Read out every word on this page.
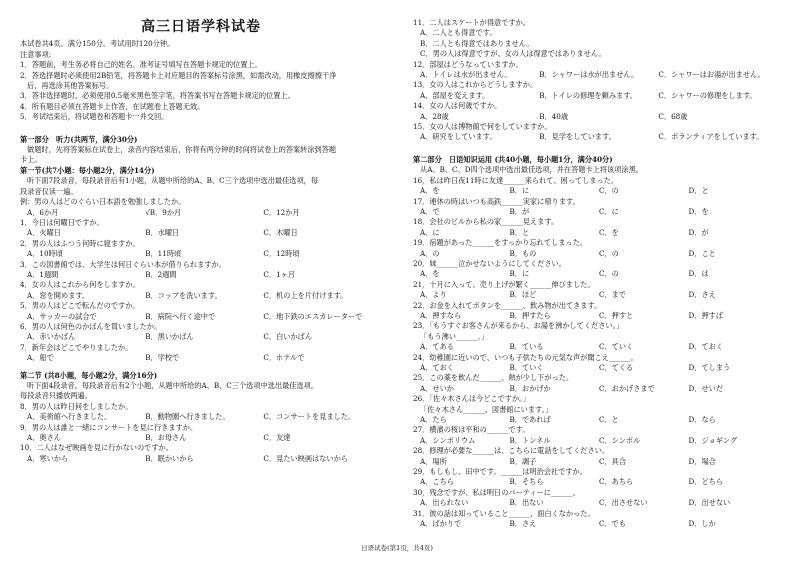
高三日语学科试卷
本试卷共4页。满分150分。考试用时120分钟。
注意事项:
1．答题前，考生务必将自己的姓名、准考证号填写在答题卡规定的位置上。
2．答选择题时必须使用2B铅笔，将答题卡上对应题目的答案标号涂黑，如需改动，用橡皮擦擦干净
后，再选涂其他答案标号。
3．答非选择题时，必须使用0.5毫米黑色签字笔，将答案书写在答题卡规定的位置上。
4．所有题目必须在答题卡上作答，在试题卷上答题无效。
5．考试结束后，将试题卷和答题卡一并交回。
第一部分　听力(共两节，满分30分)
做题时，先将答案标在试卷上，录音内容结束后，你将有两分钟的时间将试卷上的答案转涂到答题
卡上。
第一节(共7小题：每小题2分，满分14分)
听下面7段录音，每段录音后有1小题，从题中所给的A、B、C三个选项中选出最佳选项，每
段录音仅读一遍。
例：男の人はどのぐらい日本語を勉強しましたか。
A．6か月	√B．9か月	C．12か月
1．今日は何曜日ですか。
A．火曜日	B．水曜日	C．木曜日
2．男の人はふつう何時に寝ますか。
A．10時頃	B．11時頃	C．12時頃
3．この図書館では、大学生は何日ぐらい本が借りられますか。
A．1週間	B．2週間	C．1ヶ月
4．女の人はこれから何をしますか。
A．窓を開めます。	B．コップを洗います。	C．机の上を片付けます。
5．男の人はどこで転んだのですか。
A．サッカーの試合で	B．病院へ行く途中で	C．地下鉄のエスカレーターで
6．男の人は何色のかばんを買いましたか。
A．赤いかばん	B．黒いかばん	C．白いかばん
7．新年会はどこでやりましたか。
A．船で	B．学校で	C．ホテルで
第二节 (共8小题，每小题2分，满分16分)
听下面4段录音，每段录音后有2个小题，从题中所给的A、B、C三个选项中选出最佳选项。
每段录音只播放两遍。
8．男の人は昨日何をしましたか。
A．美術館へ行きました。	B．動物園へ行きました。	C．コンサートを見ました。
9．男の人は誰と一緒にコンサートを見に行きますか。
A．奥さん	B．お母さん	C．友達
10．二人はなぜ映画を見に行かないのですか。
A．寒いから	B．眠かいから	C．見たい映画はないから
11．二人はスケートが得意ですか。
A．二人とも得意です。
B．二人とも得意ではありません。
C．男の人は得意ですが、女の人は得意ではありません。
12．部屋はどうなっていますか。
A．トイレは水が出ません。	B．シャワーは水が出ません。	C．シャワーはお湯が出ません。
13．女の人はこれからどうしますか。
A．部屋を変えます。	B．トイレの修理を頼みます。	C．シャワーの修理をします。
14．女の人は何歳ですか。
A．28歳	B．40歳	C．68歳
15．女の人は博物館で何をしていますか。
A．研究をしています。	B．見学をしています。	C．ボランティアをしています。
第二部分　日语知识运用 (共40小题，每小题1分，满分40分)
从A、B、C、D四个选项中选出最佳选项，并在答题卡上将该项涂黑。
16．私は昨日夜11時に友達______来られて、困ってしまった。
A．を	B．に	C．の	D．と
17．連休の時はいつも高鉄______実家に帰ります。
A．で	B．が	C．に	D．を
18．会社のビルから私の家______見えます。
A．に	B．と	C．を	D．が
19．宿題があった______をすっかり忘れてしまった。
A．の	B．もの	C．の	D．こと
20．妹______泣かせないようにしてください。
A．を	B．に	C．の	D．は
21．十月に入って、売り上げが繁く______伸びました。
A．より	B．ほど	C．まで	D．さえ
22．お金を入れてボタンを______、飲み物が出てきます。
A．押すなら	B．押すたら	C．押すと	D．押すば
23．「もうすぐお客さんが来るから、お湯を沸かしてください。」
「もう沸い______。」
A．てある	B．ている	C．ていく	D．ておく
24．幼稚園に近いので、いつも子供たちの元気な声が聞こえ______。
A．ておく	B．ていく	C．てくる	D．てしまう
25．この薬を飲んだ______、熱が少し下がった。
A．せいか	B．おかげか	C．おかげさまで	D．せいだ
26．「佐々木さんは今どこですか。」
「佐々木さん______、図書館にいます。」
A．たら	B．であれば	C．と	D．なら
27．横濱の桜は平和の______です。
A．シンボリウム	B．トンネル	C．シンボル	D．ジョギング
28．修理が必要な______は、こちらに電話をしてください。
A．場所	B．調子	C．具合	D．場合
29．もしもし、田中です。______は明治会社ですか。
A．こちら	B．そちら	C．あちら	D．どちら
30．残念ですが、私は明日のパーティーに______。
A．出られない	B．出ない	C．出させない	D．出せない
31．彼の話は知っていること______、面白くなかった。
A．ばかりで	B．さえ	C．でも	D．しか
日语试卷(第1页，共4页)
